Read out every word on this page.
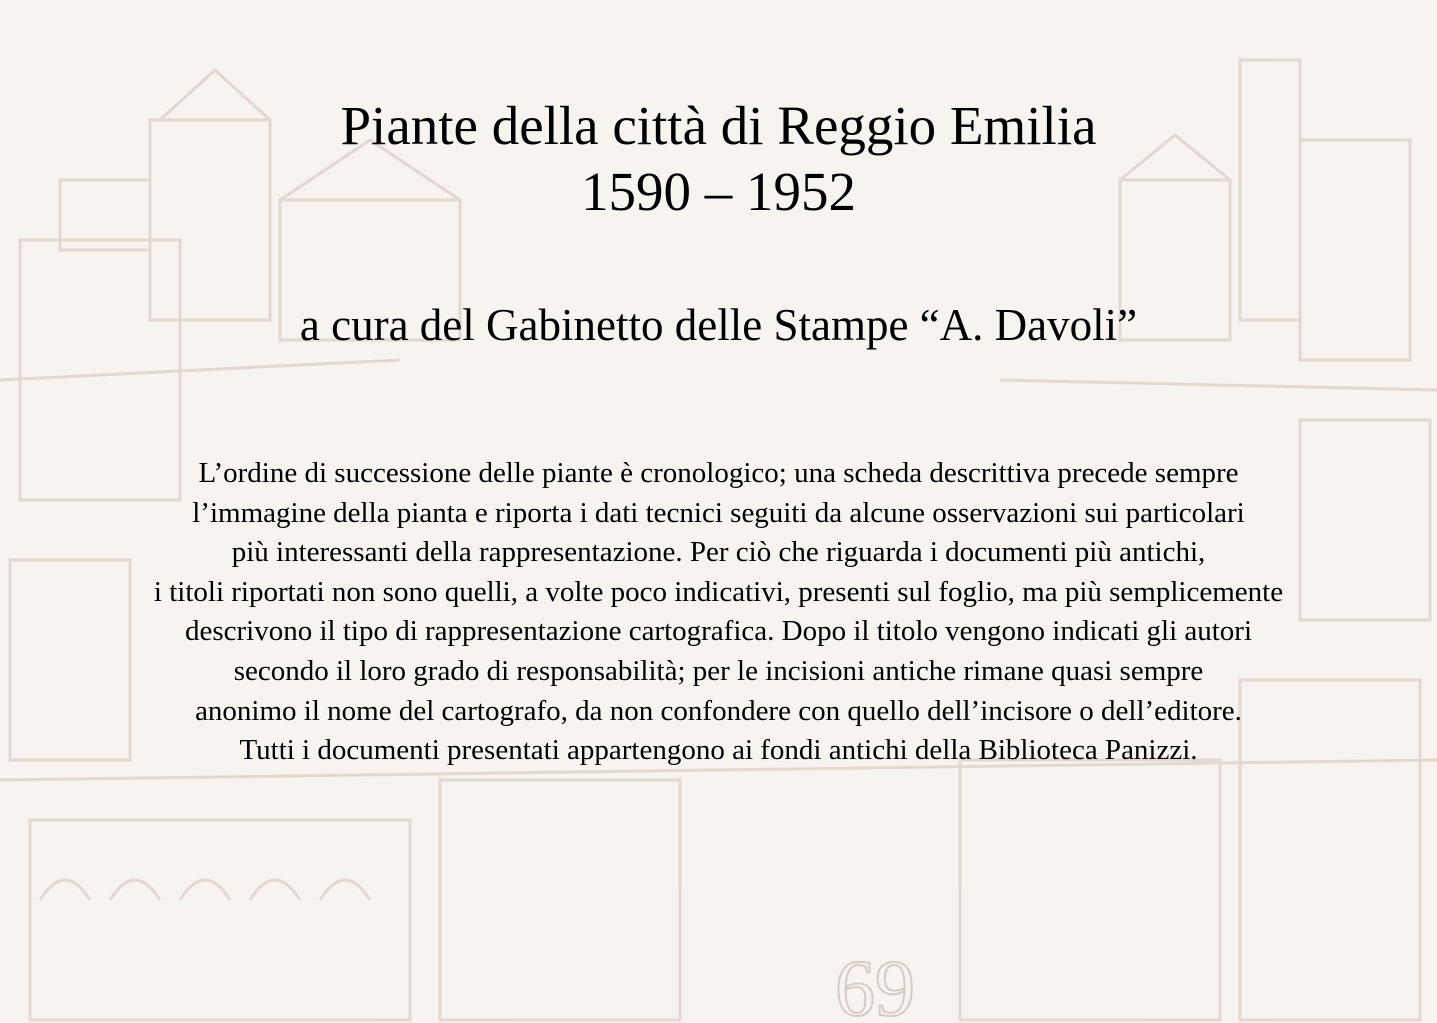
69
Piante della città di Reggio Emilia
1590 – 1952
a cura del Gabinetto delle Stampe “A. Davoli”
L’ordine di successione delle piante è cronologico; una scheda descrittiva precede sempre
l’immagine della pianta e riporta i dati tecnici seguiti da alcune osservazioni sui particolari
più interessanti della rappresentazione. Per ciò che riguarda i documenti più antichi,
i titoli riportati non sono quelli, a volte poco indicativi, presenti sul foglio, ma più semplicemente
descrivono il tipo di rappresentazione cartografica. Dopo il titolo vengono indicati gli autori
secondo il loro grado di responsabilità; per le incisioni antiche rimane quasi sempre
anonimo il nome del cartografo, da non confondere con quello dell’incisore o dell’editore.
Tutti i documenti presentati appartengono ai fondi antichi della Biblioteca Panizzi.
